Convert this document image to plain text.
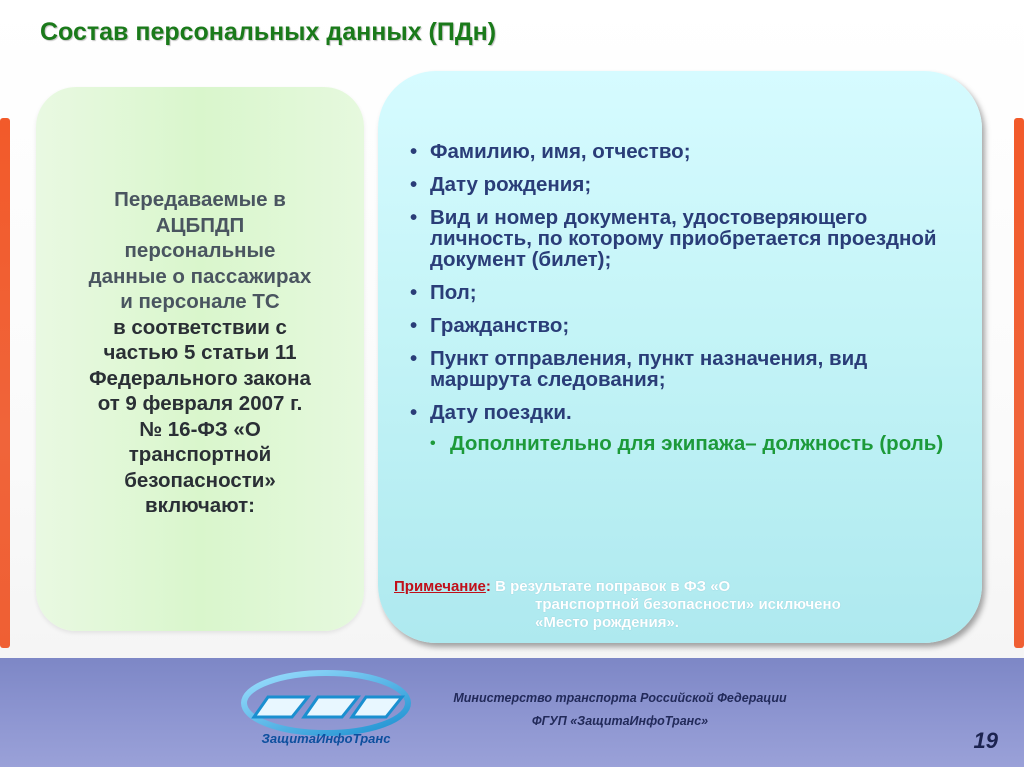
Состав персональных данных (ПДн)
Передаваемые в
АЦБПДП
персональные
данные о пассажирах
и персонале ТС
в соответствии с
частью 5 статьи 11
Федерального закона
от 9 февраля 2007 г.
№ 16-ФЗ «О
транспортной
безопасности»
включают:
• Фамилию, имя, отчество;
• Дату рождения;
• Вид и номер документа, удостоверяющего личность, по которому приобретается проездной документ (билет);
• Пол;
• Гражданство;
• Пункт отправления, пункт назначения, вид маршрута следования;
• Дату поездки.
• Дополнительно для экипажа– должность (роль)
Примечание: В результате поправок в ФЗ «О
транспортной безопасности» исключено
«Место рождения».
ЗащитаИнфоТранс
Министерство транспорта Российской Федерации
ФГУП «ЗащитаИнфоТранс»
19
